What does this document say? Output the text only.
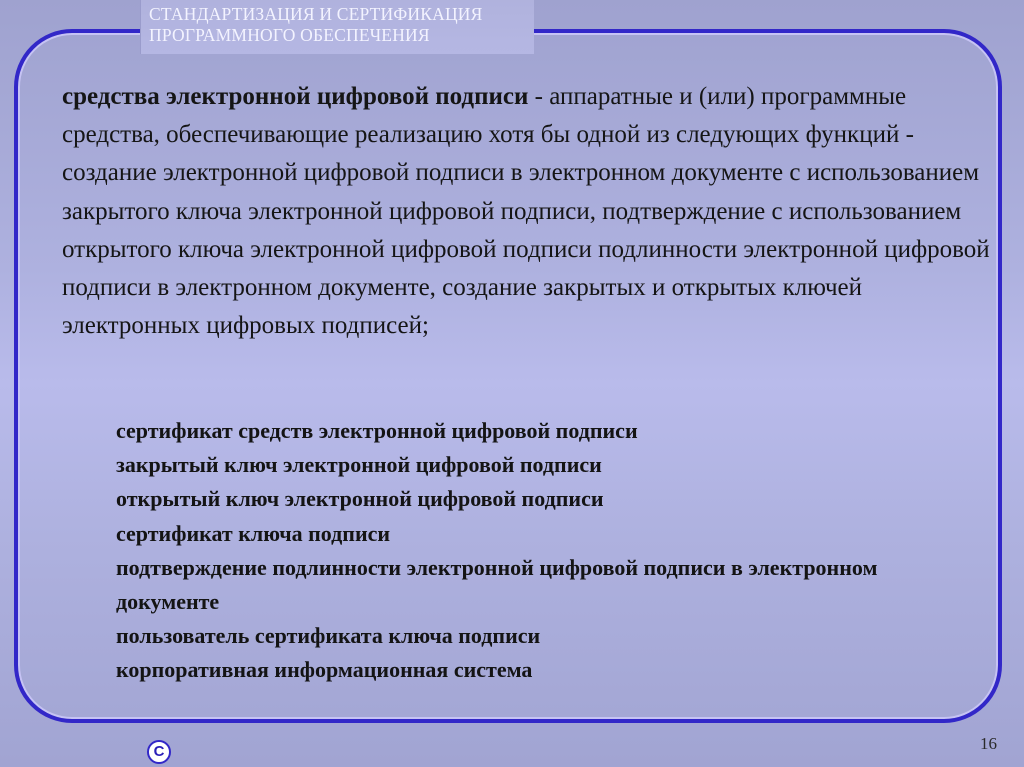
СТАНДАРТИЗАЦИЯ И СЕРТИФИКАЦИЯ
ПРОГРАММНОГО ОБЕСПЕЧЕНИЯ

средства электронной цифровой подписи - аппаратные и (или) программные средства, обеспечивающие реализацию хотя бы одной из следующих функций - создание электронной цифровой подписи в электронном документе с использованием закрытого ключа электронной цифровой подписи, подтверждение с использованием открытого ключа электронной цифровой подписи подлинности электронной цифровой подписи в электронном документе, создание закрытых и открытых ключей электронных цифровых подписей;

сертификат средств электронной цифровой подписи
закрытый ключ электронной цифровой подписи
открытый ключ электронной цифровой подписи
сертификат ключа подписи
подтверждение подлинности электронной цифровой подписи в электронном документе
пользователь сертификата ключа подписи
корпоративная информационная система
C	16
